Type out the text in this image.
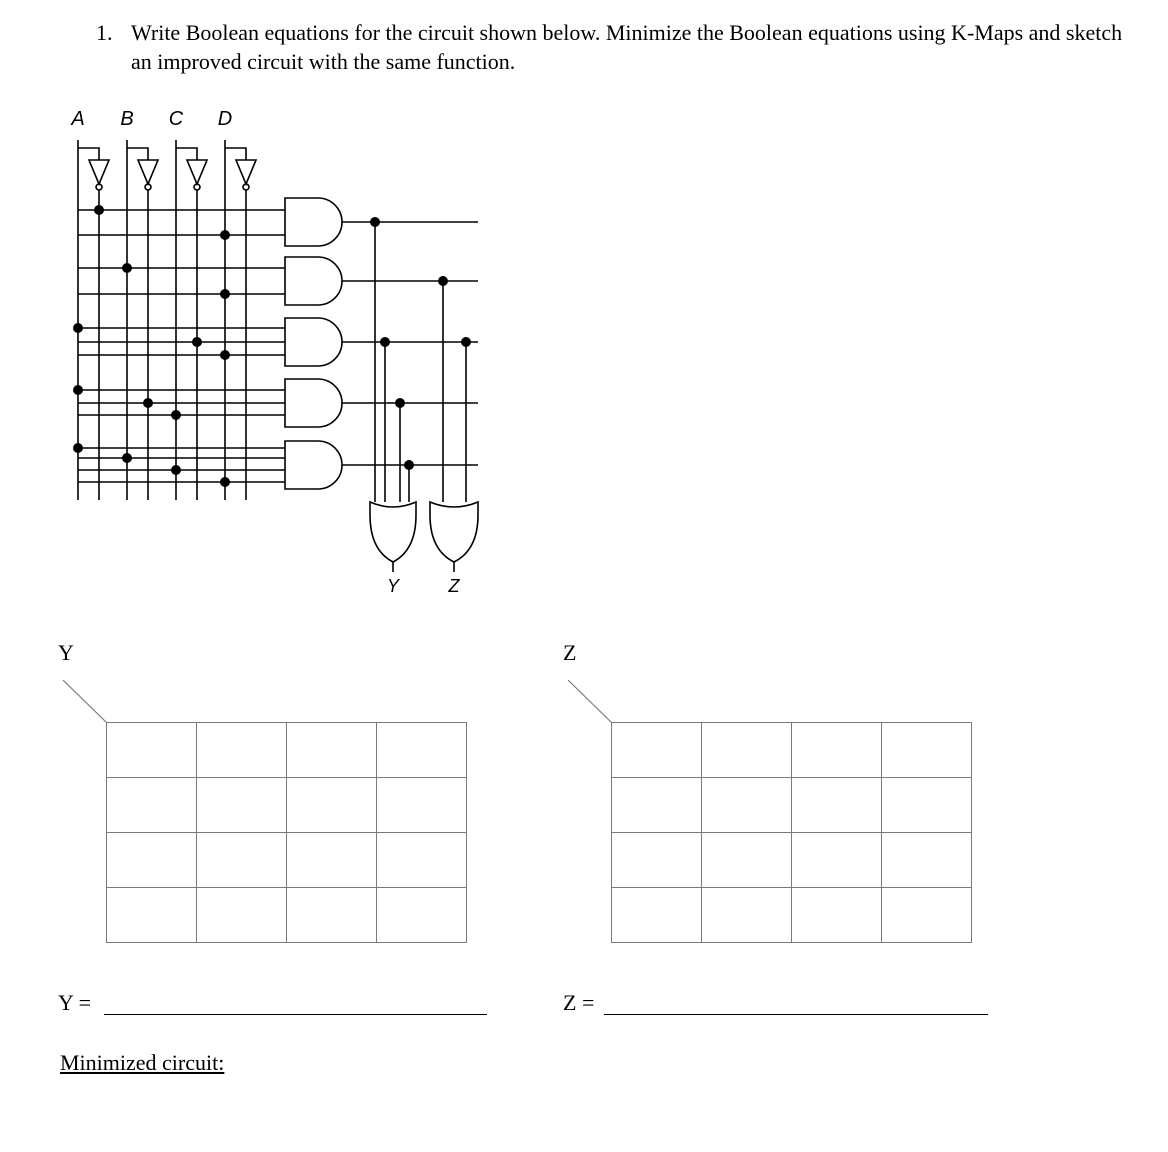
1. Write Boolean equations for the circuit shown below. Minimize the Boolean equations using K-Maps and sketch an improved circuit with the same function.
A B C D
Y	Z
Y

				Z

Y =	Z =
Minimized circuit:
